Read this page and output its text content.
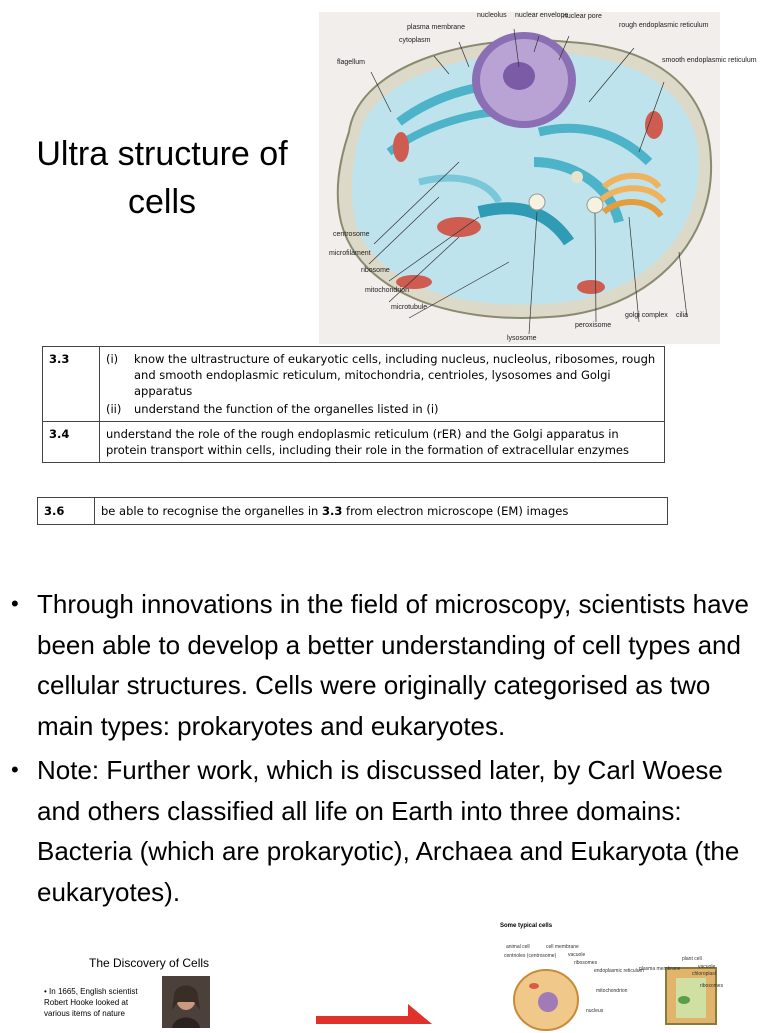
Ultra structure of cells
nucleolus nuclear envelope
nuclear pore
plasma membrane
cytoplasm
rough endoplasmic reticulum
flagellum	smooth endoplasmic reticulum
centrosome
microfilament
ribosome
mitochondrion
microtubule
lysosome
peroxisome
golgi complex cilia
3.3	(i) know the ultrastructure of eukaryotic cells, including nucleus, nucleolus, ribosomes, rough and smooth endoplasmic reticulum, mitochondria, centrioles, lysosomes and Golgi apparatus
(ii) understand the function of the organelles listed in (i)

3.4	understand the role of the rough endoplasmic reticulum (rER) and the Golgi apparatus in protein transport within cells, including their role in the formation of extracellular enzymes
3.6	be able to recognise the organelles in 3.3 from electron microscope (EM) images
• Through innovations in the field of microscopy, scientists have been able to develop a better understanding of cell types and cellular structures. Cells were originally categorised as two main types: prokaryotes and eukaryotes.
• Note: Further work, which is discussed later, by Carl Woese and others classified all life on Earth into three domains: Bacteria (which are prokaryotic), Archaea and Eukaryota (the eukaryotes).
The Discovery of Cells
• In 1665, English scientist Robert Hooke looked at various items of nature
Some typical cells
animal cell	cell membrane
centrioles (centrosome) vacuole
ribosomes
endoplasmic reticulum
mitochondrion
nucleus
plant cell
plasma membrane	vacuole
chloroplast
ribosomes
